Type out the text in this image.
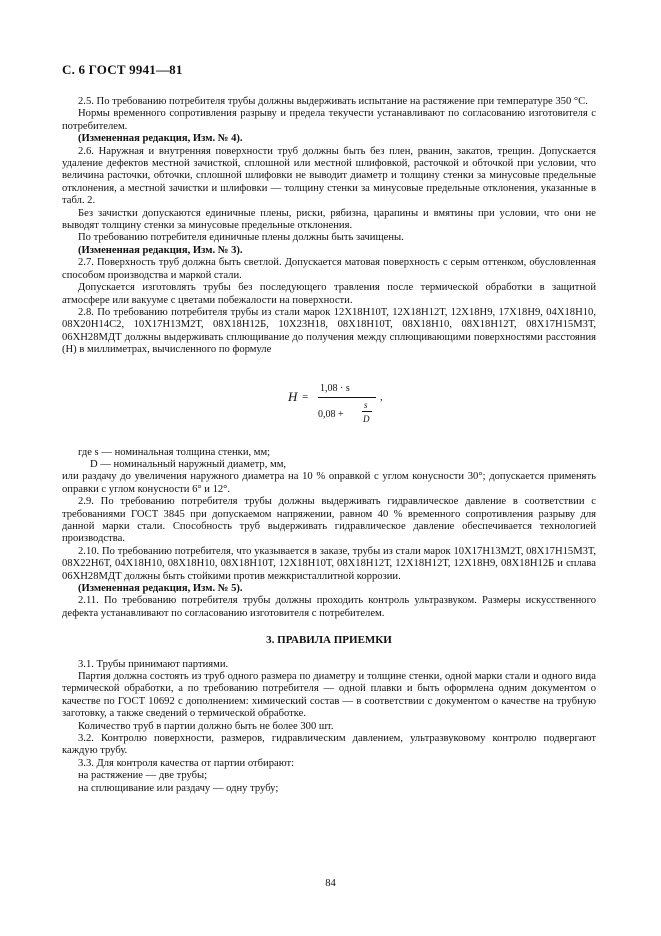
С. 6 ГОСТ 9941—81

2.5. По требованию потребителя трубы должны выдерживать испытание на растяжение при температуре 350 °С.

Нормы временного сопротивления разрыву и предела текучести устанавливают по согласованию изготовителя с потребителем.

(Измененная редакция, Изм. № 4).

2.6. Наружная и внутренняя поверхности труб должны быть без плен, рванин, закатов, трещин. Допускается удаление дефектов местной зачисткой, сплошной или местной шлифовкой, расточкой и обточкой при условии, что величина расточки, обточки, сплошной шлифовки не выводит диаметр и толщину стенки за минусовые предельные отклонения, а местной зачистки и шлифовки — толщину стенки за минусовые предельные отклонения, указанные в табл. 2.

Без зачистки допускаются единичные плены, риски, рябизна, царапины и вмятины при условии, что они не выводят толщину стенки за минусовые предельные отклонения.

По требованию потребителя единичные плены должны быть зачищены.

(Измененная редакция, Изм. № 3).

2.7. Поверхность труб должна быть светлой. Допускается матовая поверхность с серым оттенком, обусловленная способом производства и маркой стали.

Допускается изготовлять трубы без последующего травления после термической обработки в защитной атмосфере или вакууме с цветами побежалости на поверхности.

2.8. По требованию потребителя трубы из стали марок 12Х18Н10Т, 12Х18Н12Т, 12Х18Н9, 17Х18Н9, 04Х18Н10, 08Х20Н14С2, 10Х17Н13М2Т, 08Х18Н12Б, 10Х23Н18, 08Х18Н10Т, 08Х18Н10, 08Х18Н12Т, 08Х17Н15М3Т, 06ХН28МДТ должны выдерживать сплющивание до получения между сплющивающими поверхностями расстояния (Н) в миллиметрах, вычисленного по формуле

H =
1,08 · s
0,08 +
s
D
,

где s — номинальная толщина стенки, мм;

D — номинальный наружный диаметр, мм,

или раздачу до увеличения наружного диаметра на 10 % оправкой с углом конусности 30°; допускается применять оправки с углом конусности 6° и 12°.

2.9. По требованию потребителя трубы должны выдерживать гидравлическое давление в соответствии с требованиями ГОСТ 3845 при допускаемом напряжении, равном 40 % временного сопротивления разрыву для данной марки стали. Способность труб выдерживать гидравлическое давление обеспечивается технологией производства.

2.10. По требованию потребителя, что указывается в заказе, трубы из стали марок 10Х17Н13М2Т, 08Х17Н15М3Т, 08Х22Н6Т, 04Х18Н10, 08Х18Н10, 08Х18Н10Т, 12Х18Н10Т, 08Х18Н12Т, 12Х18Н12Т, 12Х18Н9, 08Х18Н12Б и сплава 06ХН28МДТ должны быть стойкими против межкристаллитной коррозии.

(Измененная редакция, Изм. № 5).

2.11. По требованию потребителя трубы должны проходить контроль ультразвуком. Размеры искусственного дефекта устанавливают по согласованию изготовителя с потребителем.

3. ПРАВИЛА ПРИЕМКИ

3.1. Трубы принимают партиями.

Партия должна состоять из труб одного размера по диаметру и толщине стенки, одной марки стали и одного вида термической обработки, а по требованию потребителя — одной плавки и быть оформлена одним документом о качестве по ГОСТ 10692 с дополнением: химический состав — в соответствии с документом о качестве на трубную заготовку, а также сведений о термической обработке.

Количество труб в партии должно быть не более 300 шт.

3.2. Контролю поверхности, размеров, гидравлическим давлением, ультразвуковому контролю подвергают каждую трубу.

3.3. Для контроля качества от партии отбирают:

на растяжение — две трубы;

на сплющивание или раздачу — одну трубу;

84
